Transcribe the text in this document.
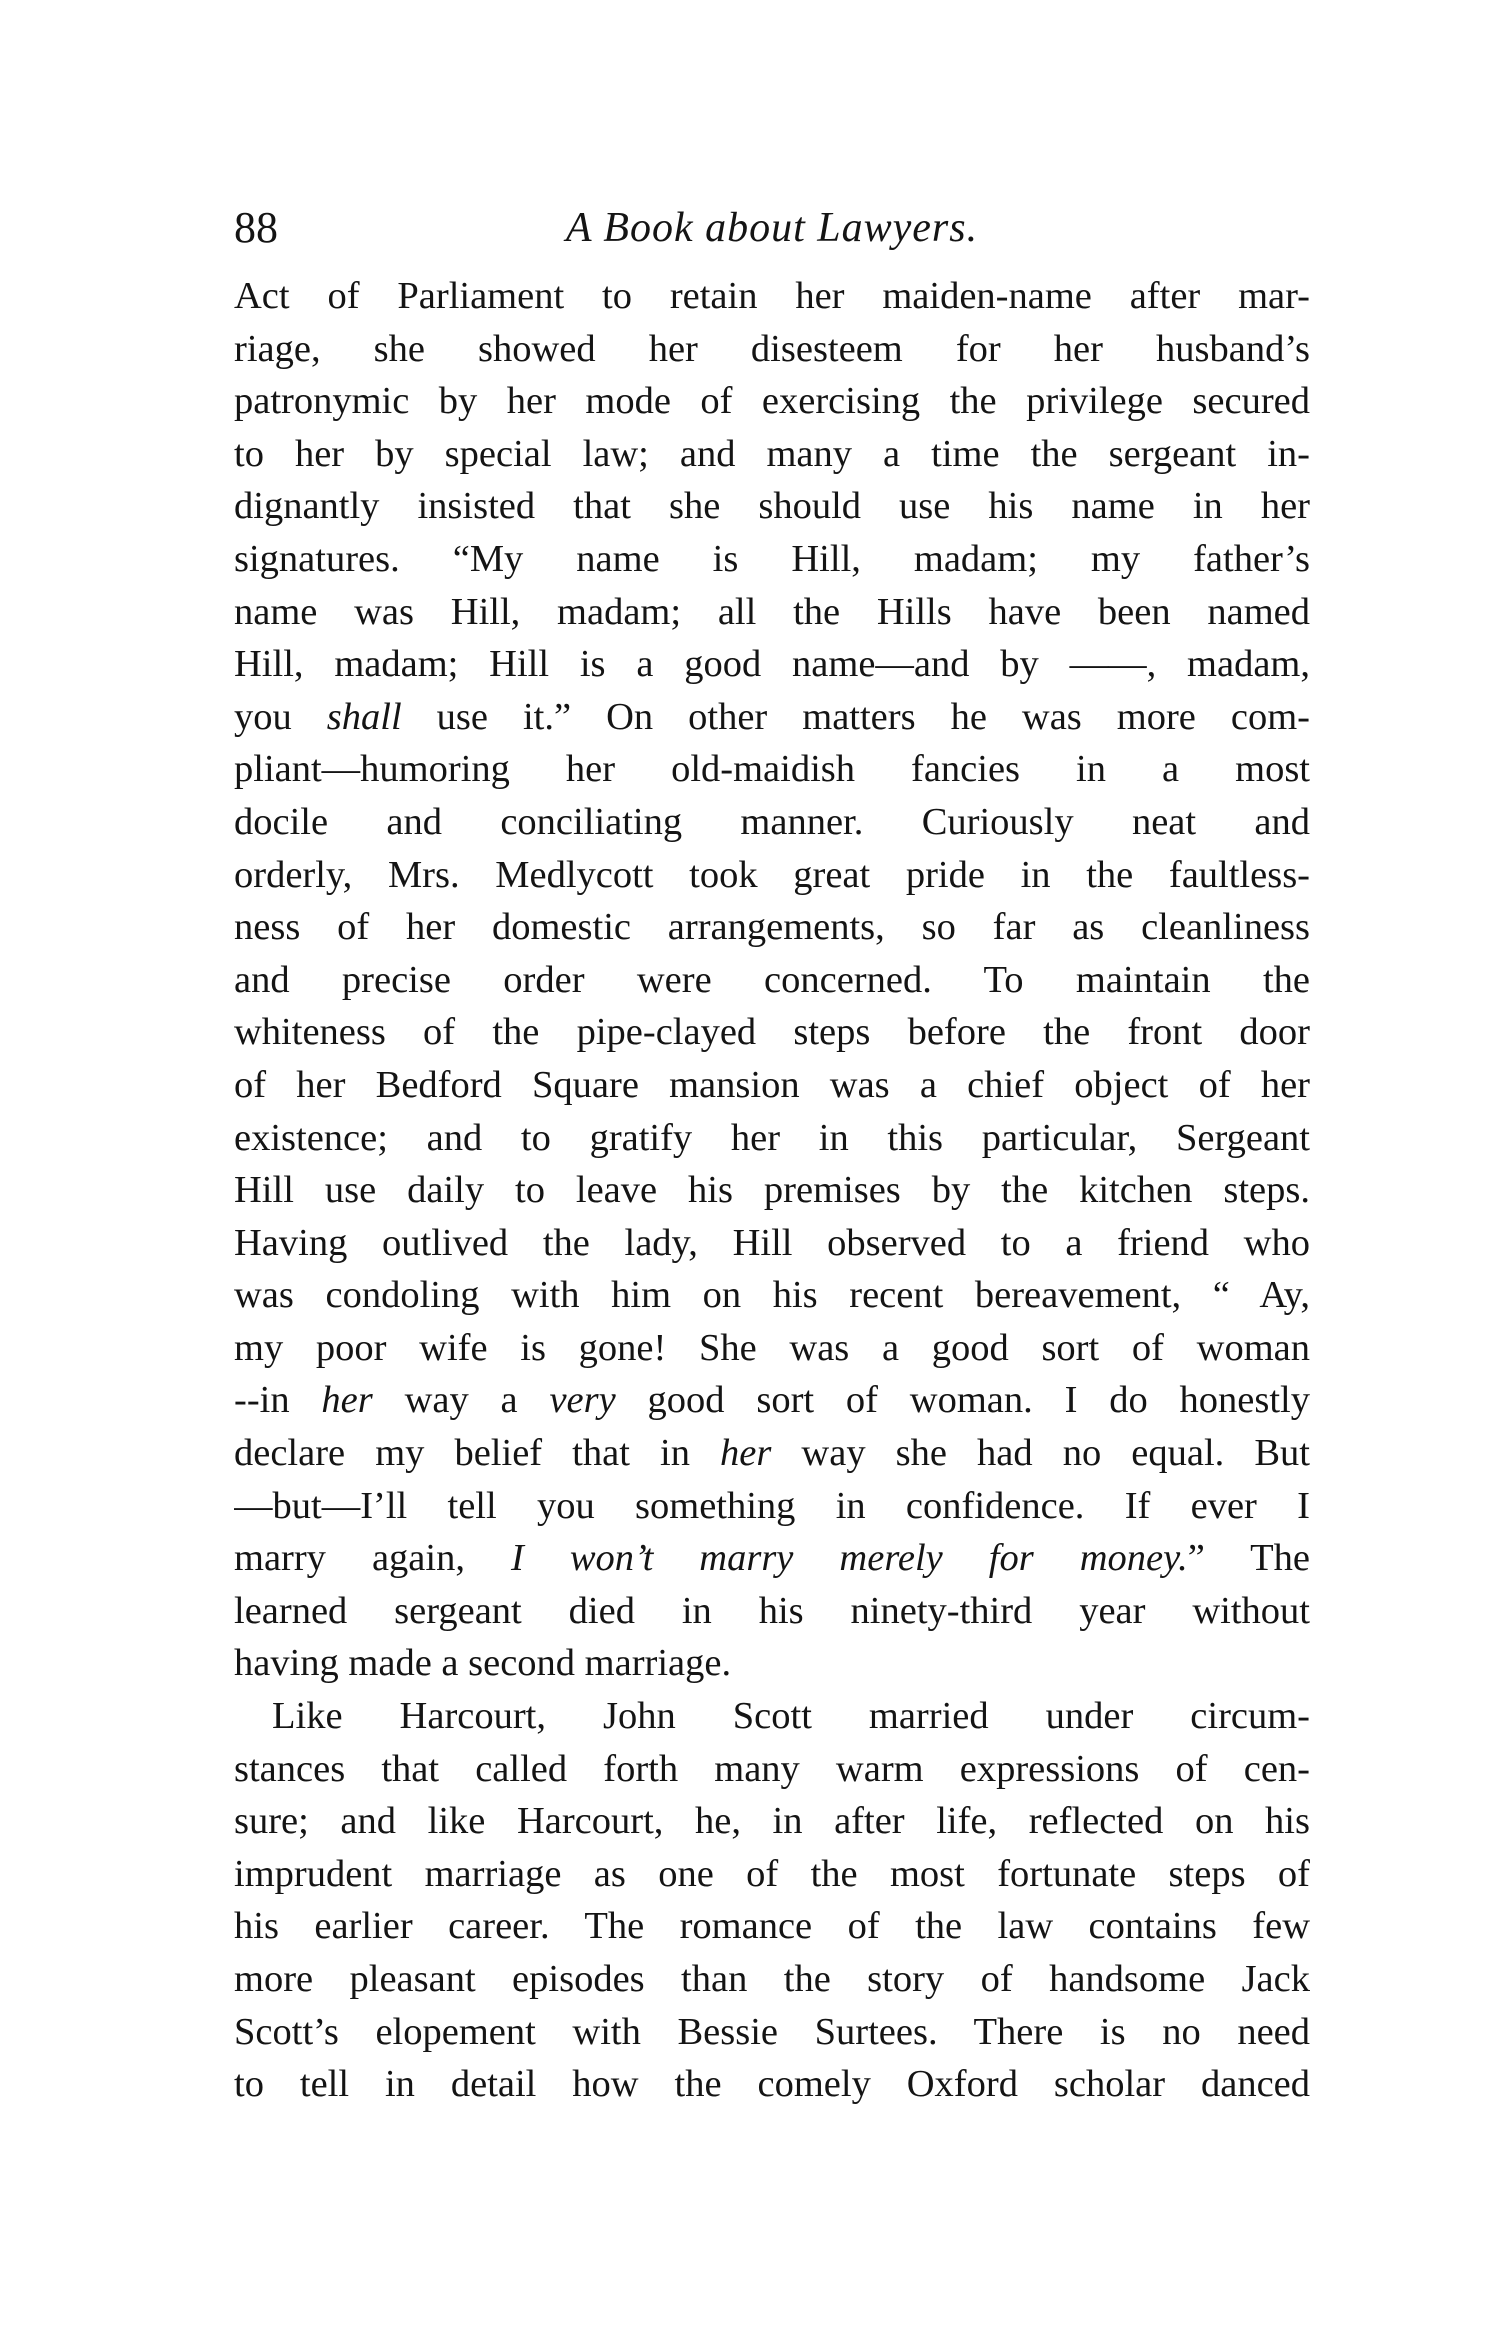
88	A Book about Lawyers.
Act of Parliament to retain her maiden-name after mar-
riage, she showed her disesteem for her husband’s
patronymic by her mode of exercising the privilege secured
to her by special law; and many a time the sergeant in-
dignantly insisted that she should use his name in her
signatures. “My name is Hill, madam; my father’s
name was Hill, madam; all the Hills have been named
Hill, madam; Hill is a good name—and by ——, madam,
you shall use it.” On other matters he was more com-
pliant—humoring her old-maidish fancies in a most
docile and conciliating manner. Curiously neat and
orderly, Mrs. Medlycott took great pride in the faultless-
ness of her domestic arrangements, so far as cleanliness
and precise order were concerned. To maintain the
whiteness of the pipe-clayed steps before the front door
of her Bedford Square mansion was a chief object of her
existence; and to gratify her in this particular, Sergeant
Hill use daily to leave his premises by the kitchen steps.
Having outlived the lady, Hill observed to a friend who
was condoling with him on his recent bereavement, “ Ay,
my poor wife is gone! She was a good sort of woman
--in her way a very good sort of woman. I do honestly
declare my belief that in her way she had no equal. But
—but—I’ll tell you something in confidence. If ever I
marry again, I won’t marry merely for money.” The
learned sergeant died in his ninety-third year without
having made a second marriage.
Like Harcourt, John Scott married under circum-
stances that called forth many warm expressions of cen-
sure; and like Harcourt, he, in after life, reflected on his
imprudent marriage as one of the most fortunate steps of
his earlier career. The romance of the law contains few
more pleasant episodes than the story of handsome Jack
Scott’s elopement with Bessie Surtees. There is no need
to tell in detail how the comely Oxford scholar danced
